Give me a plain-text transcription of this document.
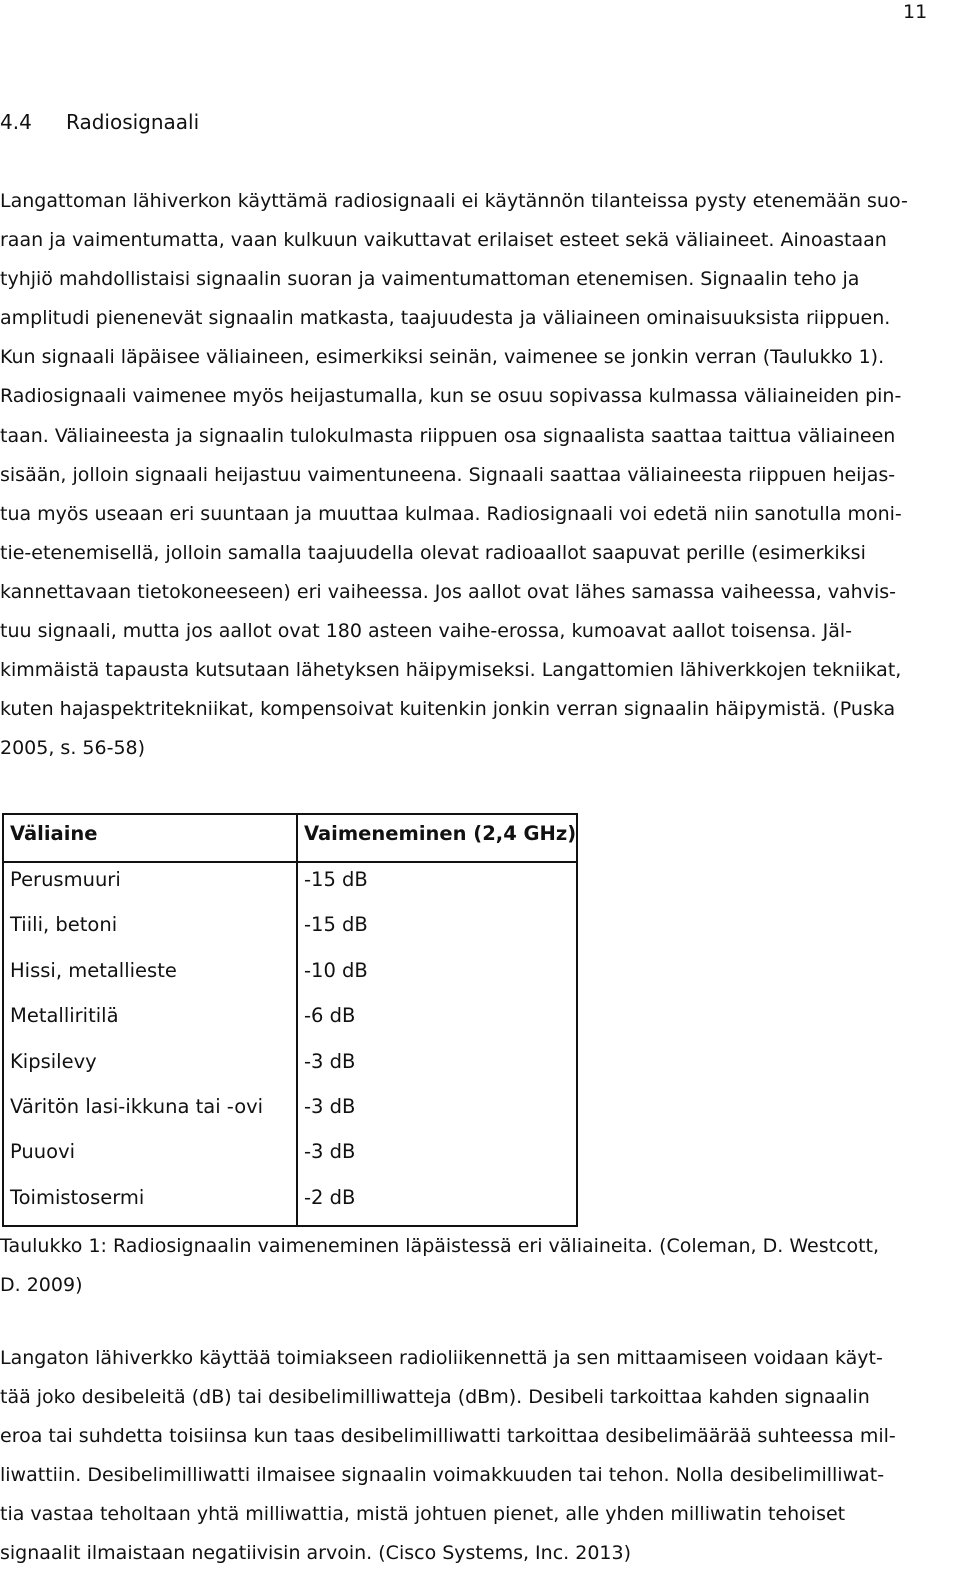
11
4.4 Radiosignaali
Langattoman lähiverkon käyttämä radiosignaali ei käytännön tilanteissa pysty etenemään suo-
raan ja vaimentumatta, vaan kulkuun vaikuttavat erilaiset esteet sekä väliaineet. Ainoastaan
tyhjiö mahdollistaisi signaalin suoran ja vaimentumattoman etenemisen. Signaalin teho ja
amplitudi pienenevät signaalin matkasta, taajuudesta ja väliaineen ominaisuuksista riippuen.
Kun signaali läpäisee väliaineen, esimerkiksi seinän, vaimenee se jonkin verran (Taulukko 1).
Radiosignaali vaimenee myös heijastumalla, kun se osuu sopivassa kulmassa väliaineiden pin-
taan. Väliaineesta ja signaalin tulokulmasta riippuen osa signaalista saattaa taittua väliaineen
sisään, jolloin signaali heijastuu vaimentuneena. Signaali saattaa väliaineesta riippuen heijas-
tua myös useaan eri suuntaan ja muuttaa kulmaa. Radiosignaali voi edetä niin sanotulla moni-
tie-etenemisellä, jolloin samalla taajuudella olevat radioaallot saapuvat perille (esimerkiksi
kannettavaan tietokoneeseen) eri vaiheessa. Jos aallot ovat lähes samassa vaiheessa, vahvis-
tuu signaali, mutta jos aallot ovat 180 asteen vaihe-erossa, kumoavat aallot toisensa. Jäl-
kimmäistä tapausta kutsutaan lähetyksen häipymiseksi. Langattomien lähiverkkojen tekniikat,
kuten hajaspektritekniikat, kompensoivat kuitenkin jonkin verran signaalin häipymistä. (Puska
2005, s. 56-58)
Väliaine	Vaimeneminen (2,4 GHz)
Perusmuuri	-15 dB
Tiili, betoni	-15 dB
Hissi, metallieste	-10 dB
Metalliritilä	-6 dB
Kipsilevy	-3 dB
Väritön lasi-ikkuna tai -ovi -3 dB
Puuovi	-3 dB
Toimistosermi	-2 dB
Taulukko 1: Radiosignaalin vaimeneminen läpäistessä eri väliaineita. (Coleman, D. Westcott,
D. 2009)
Langaton lähiverkko käyttää toimiakseen radioliikennettä ja sen mittaamiseen voidaan käyt-
tää joko desibeleitä (dB) tai desibelimilliwatteja (dBm). Desibeli tarkoittaa kahden signaalin
eroa tai suhdetta toisiinsa kun taas desibelimilliwatti tarkoittaa desibelimäärää suhteessa mil-
liwattiin. Desibelimilliwatti ilmaisee signaalin voimakkuuden tai tehon. Nolla desibelimilliwat-
tia vastaa teholtaan yhtä milliwattia, mistä johtuen pienet, alle yhden milliwatin tehoiset
signaalit ilmaistaan negatiivisin arvoin. (Cisco Systems, Inc. 2013)
